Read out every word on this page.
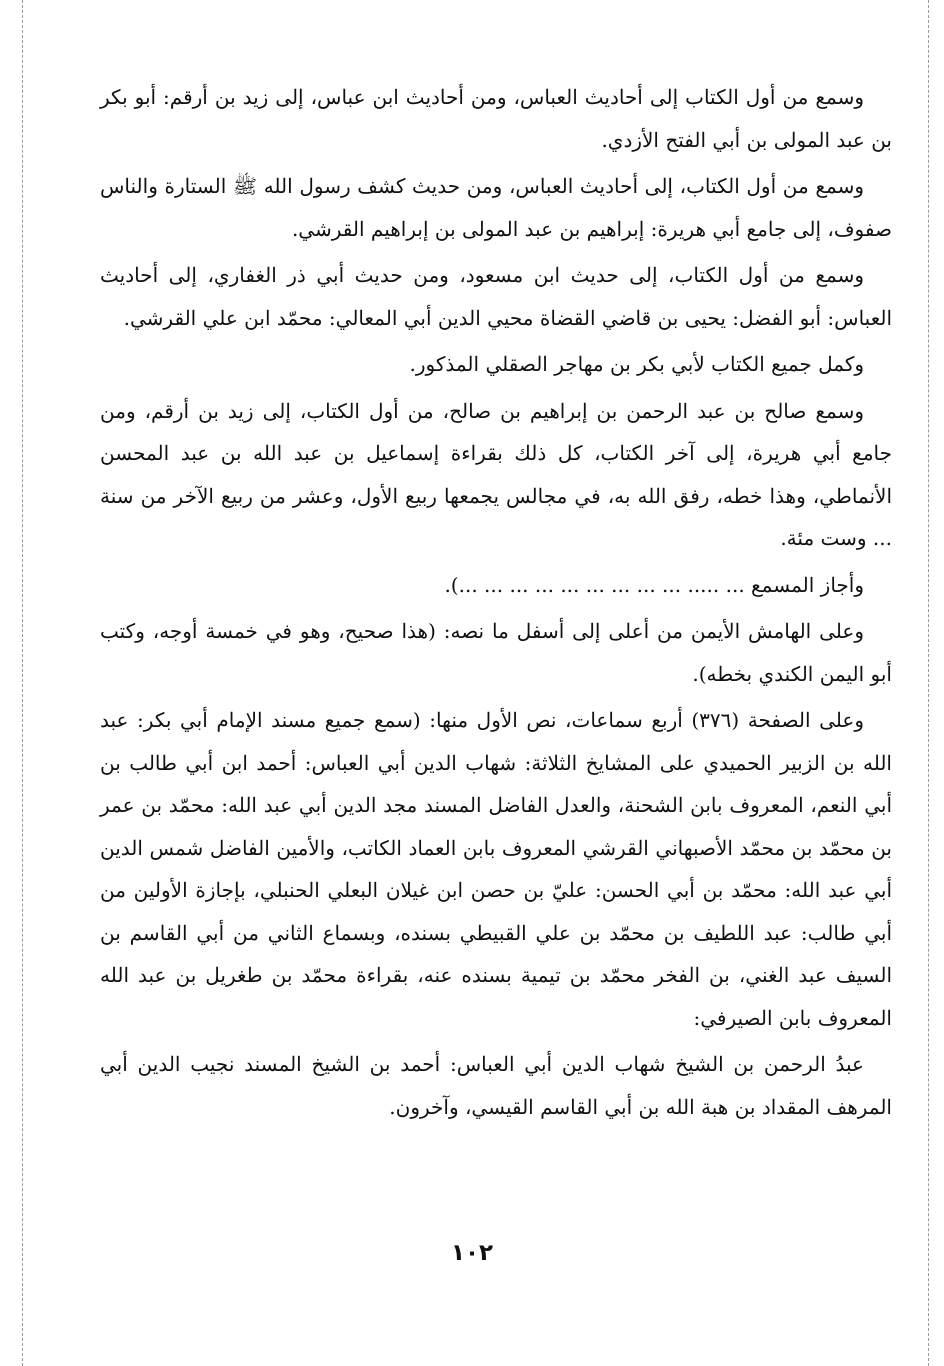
وسمع من أول الكتاب إلى أحاديث العباس، ومن أحاديث ابن عباس، إلى زيد بن أرقم: أبو بكر بن عبد المولى بن أبي الفتح الأزدي.

وسمع من أول الكتاب، إلى أحاديث العباس، ومن حديث كشف رسول الله ﷺ الستارة والناس صفوف، إلى جامع أبي هريرة: إبراهيم بن عبد المولى بن إبراهيم القرشي.

وسمع من أول الكتاب، إلى حديث ابن مسعود، ومن حديث أبي ذر الغفاري، إلى أحاديث العباس: أبو الفضل: يحيى بن قاضي القضاة محيي الدين أبي المعالي: محمّد ابن علي القرشي.

وكمل جميع الكتاب لأبي بكر بن مهاجر الصقلي المذكور.

وسمع صالح بن عبد الرحمن بن إبراهيم بن صالح، من أول الكتاب، إلى زيد بن أرقم، ومن جامع أبي هريرة، إلى آخر الكتاب، كل ذلك بقراءة إسماعيل بن عبد الله بن عبد المحسن الأنماطي، وهذا خطه، رفق الله به، في مجالس يجمعها ربيع الأول، وعشر من ربيع الآخر من سنة ... وست مئة.

وأجاز المسمع ... ..... ... ... ... ... ... ... ... ... ...).

وعلى الهامش الأيمن من أعلى إلى أسفل ما نصه: (هذا صحيح، وهو في خمسة أوجه، وكتب أبو اليمن الكندي بخطه).

وعلى الصفحة (٣٧٦) أربع سماعات، نص الأول منها: (سمع جميع مسند الإمام أبي بكر: عبد الله بن الزبير الحميدي على المشايخ الثلاثة: شهاب الدين أبي العباس: أحمد ابن أبي طالب بن أبي النعم، المعروف بابن الشحنة، والعدل الفاضل المسند مجد الدين أبي عبد الله: محمّد بن عمر بن محمّد بن محمّد الأصبهاني القرشي المعروف بابن العماد الكاتب، والأمين الفاضل شمس الدين أبي عبد الله: محمّد بن أبي الحسن: عليّ بن حصن ابن غيلان البعلي الحنبلي، بإجازة الأولين من أبي طالب: عبد اللطيف بن محمّد بن علي القبيطي بسنده، وبسماع الثاني من أبي القاسم بن السيف عبد الغني، بن الفخر محمّد بن تيمية بسنده عنه، بقراءة محمّد بن طغريل بن عبد الله المعروف بابن الصيرفي:

عبدُ الرحمن بن الشيخ شهاب الدين أبي العباس: أحمد بن الشيخ المسند نجيب الدين أبي المرهف المقداد بن هبة الله بن أبي القاسم القيسي، وآخرون.

١٠٢
